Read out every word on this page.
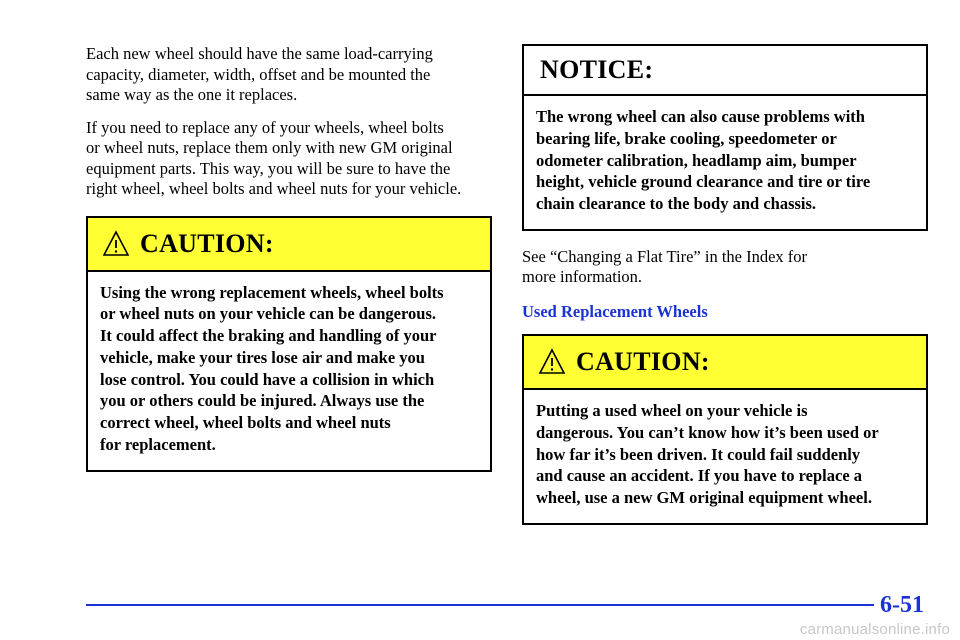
Each new wheel should have the same load‐carrying
capacity, diameter, width, offset and be mounted the
same way as the one it replaces.

If you need to replace any of your wheels, wheel bolts
or wheel nuts, replace them only with new GM original
equipment parts. This way, you will be sure to have the
right wheel, wheel bolts and wheel nuts for your vehicle.

CAUTION:
Using the wrong replacement wheels, wheel bolts
or wheel nuts on your vehicle can be dangerous.
It could affect the braking and handling of your
vehicle, make your tires lose air and make you
lose control. You could have a collision in which
you or others could be injured. Always use the
correct wheel, wheel bolts and wheel nuts
for replacement.
NOTICE:
The wrong wheel can also cause problems with
bearing life, brake cooling, speedometer or
odometer calibration, headlamp aim, bumper
height, vehicle ground clearance and tire or tire
chain clearance to the body and chassis.

See “Changing a Flat Tire” in the Index for
more information.

Used Replacement Wheels

CAUTION:
Putting a used wheel on your vehicle is
dangerous. You can’t know how it’s been used or
how far it’s been driven. It could fail suddenly
and cause an accident. If you have to replace a
wheel, use a new GM original equipment wheel.
6-51
carmanualsonline.info
